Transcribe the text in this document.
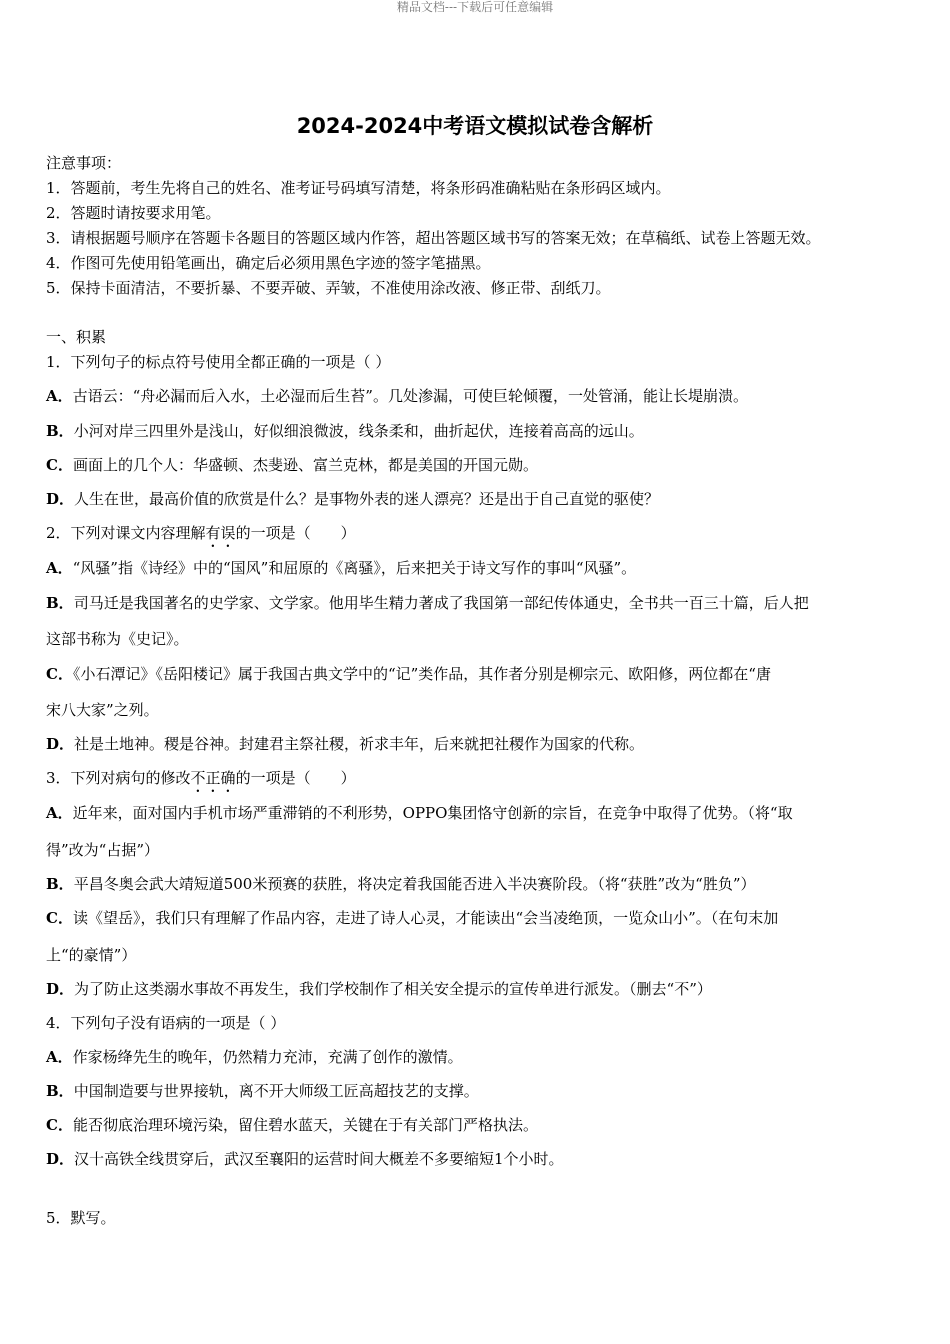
精品文档---下载后可任意编辑
2024-2024中考语文模拟试卷含解析
注意事项：
1．答题前，考生先将自己的姓名、准考证号码填写清楚，将条形码准确粘贴在条形码区域内。
2．答题时请按要求用笔。
3．请根据题号顺序在答题卡各题目的答题区域内作答，超出答题区域书写的答案无效；在草稿纸、试卷上答题无效。
4．作图可先使用铅笔画出，确定后必须用黑色字迹的签字笔描黑。
5．保持卡面清洁，不要折暴、不要弄破、弄皱，不准使用涂改液、修正带、刮纸刀。
一、积累
1．下列句子的标点符号使用全都正确的一项是（ ）
A．古语云：“舟必漏而后入水，土必湿而后生苔”。几处渗漏，可使巨轮倾覆，一处管涌，能让长堤崩溃。
B．小河对岸三四里外是浅山，好似细浪微波，线条柔和，曲折起伏，连接着高高的远山。
C．画面上的几个人：华盛顿、杰斐逊、富兰克林，都是美国的开国元勋。
D．人生在世，最高价值的欣赏是什么？是事物外表的迷人漂亮？还是出于自己直觉的驱使？
2．下列对课文内容理解有误的一项是（　　）
A．“风骚”指《诗经》中的“国风”和屈原的《离骚》，后来把关于诗文写作的事叫“风骚”。
B．司马迁是我国著名的史学家、文学家。他用毕生精力著成了我国第一部纪传体通史，全书共一百三十篇，后人把
这部书称为《史记》。
C．《小石潭记》《岳阳楼记》属于我国古典文学中的“记”类作品，其作者分别是柳宗元、欧阳修，两位都在“唐
宋八大家”之列。
D．社是土地神。稷是谷神。封建君主祭社稷，祈求丰年，后来就把社稷作为国家的代称。
3．下列对病句的修改不正确的一项是（　　）
A．近年来，面对国内手机市场严重滞销的不利形势，OPPO集团恪守创新的宗旨，在竞争中取得了优势。（将“取
得”改为“占据”）
B．平昌冬奥会武大靖短道500米预赛的获胜，将决定着我国能否进入半决赛阶段。（将“获胜”改为“胜负”）
C．读《望岳》，我们只有理解了作品内容，走进了诗人心灵，才能读出“会当凌绝顶，一览众山小”。（在句末加
上“的豪情”）
D．为了防止这类溺水事故不再发生，我们学校制作了相关安全提示的宣传单进行派发。（删去“不”）
4．下列句子没有语病的一项是（ ）
A．作家杨绛先生的晚年，仍然精力充沛，充满了创作的激情。
B．中国制造要与世界接轨，离不开大师级工匠高超技艺的支撑。
C．能否彻底治理环境污染，留住碧水蓝天，关键在于有关部门严格执法。
D．汉十高铁全线贯穿后，武汉至襄阳的运营时间大概差不多要缩短1个小时。
5．默写。
